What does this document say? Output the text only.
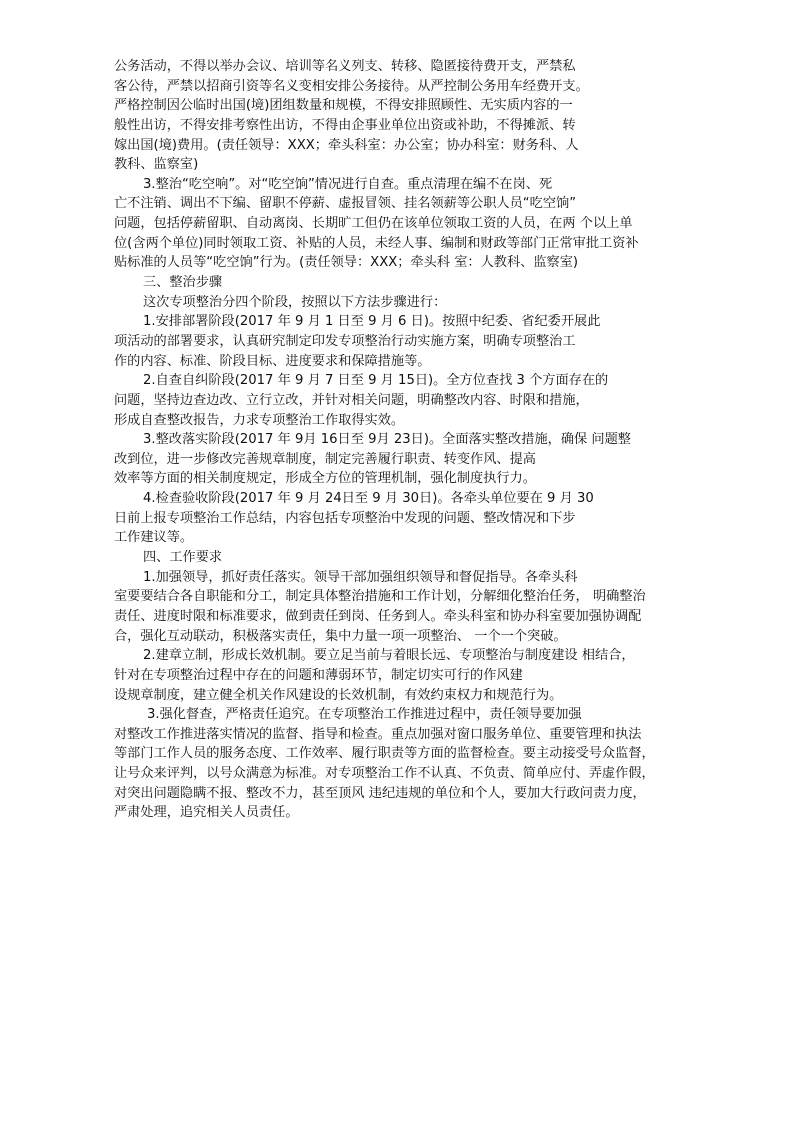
公务活动，不得以举办会议、培训等名义列支、转移、隐匿接待费开支，严禁私
客公待，严禁以招商引资等名义变相安排公务接待。从严控制公务用车经费开支。
严格控制因公临时出国(境)团组数量和规模，不得安排照顾性、无实质内容的一
般性出访，不得安排考察性出访，不得由企事业单位出资或补助，不得摊派、转
嫁出国(境)费用。(责任领导：XXX；牵头科室：办公室；协办科室：财务科、人
教科、监察室)
3.整治“吃空响”。对“吃空饷”情况进行自查。重点清理在编不在岗、死
亡不注销、调出不下编、留职不停薪、虚报冒领、挂名领薪等公职人员“吃空饷”
问题，包括停薪留职、自动离岗、长期旷工但仍在该单位领取工资的人员，在两 个以上单
位(含两个单位)同时领取工资、补贴的人员，未经人事、编制和财政等部门正常审批工资补
贴标准的人员等“吃空饷”行为。(责任领导：XXX；牵头科 室：人教科、监察室)
三、整治步骤
这次专项整治分四个阶段，按照以下方法步骤进行：
1.安排部署阶段(2017 年 9 月 1 日至 9 月 6 日)。按照中纪委、省纪委开展此
项活动的部署要求，认真研究制定印发专项整治行动实施方案，明确专项整治工
作的内容、标准、阶段目标、进度要求和保障措施等。
2.自查自纠阶段(2017 年 9 月 7 日至 9 月 15日)。全方位查找 3 个方面存在的
问题，坚持边查边改、立行立改，并针对相关问题，明确整改内容、时限和措施，
形成自查整改报告，力求专项整治工作取得实效。
3.整改落实阶段(2017 年 9月 16日至 9月 23日)。全面落实整改措施，确保 问题整
改到位，进一步修改完善规章制度，制定完善履行职责、转变作风、提高
效率等方面的相关制度规定，形成全方位的管理机制，强化制度执行力。
4.检查验收阶段(2017 年 9 月 24日至 9 月 30日)。各牵头单位要在 9 月 30
日前上报专项整治工作总结，内容包括专项整治中发现的问题、整改情况和下步
工作建议等。
四、工作要求
1.加强领导，抓好责任落实。领导干部加强组织领导和督促指导。各牵头科
室要要结合各自职能和分工，制定具体整治措施和工作计划，分解细化整治任务， 明确整治
责任、进度时限和标准要求，做到责任到岗、任务到人。牵头科室和协办科室要加强协调配
合，强化互动联动，积极落实责任，集中力量一项一项整治、 一个一个突破。
2.建章立制，形成长效机制。要立足当前与着眼长远、专项整治与制度建设 相结合，
针对在专项整治过程中存在的问题和薄弱环节，制定切实可行的作风建
设规章制度，建立健全机关作风建设的长效机制，有效约束权力和规范行为。
3.强化督查，严格责任追究。在专项整治工作推进过程中，责任领导要加强
对整改工作推进落实情况的监督、指导和检查。重点加强对窗口服务单位、重要管理和执法
等部门工作人员的服务态度、工作效率、履行职责等方面的监督检查。要主动接受号众监督，
让号众来评判，以号众满意为标准。对专项整治工作不认真、不负责、简单应付、弄虚作假，
对突出问题隐瞒不报、整改不力，甚至顶风 违纪违规的单位和个人，要加大行政问责力度，
严肃处理，追究相关人员责任。
